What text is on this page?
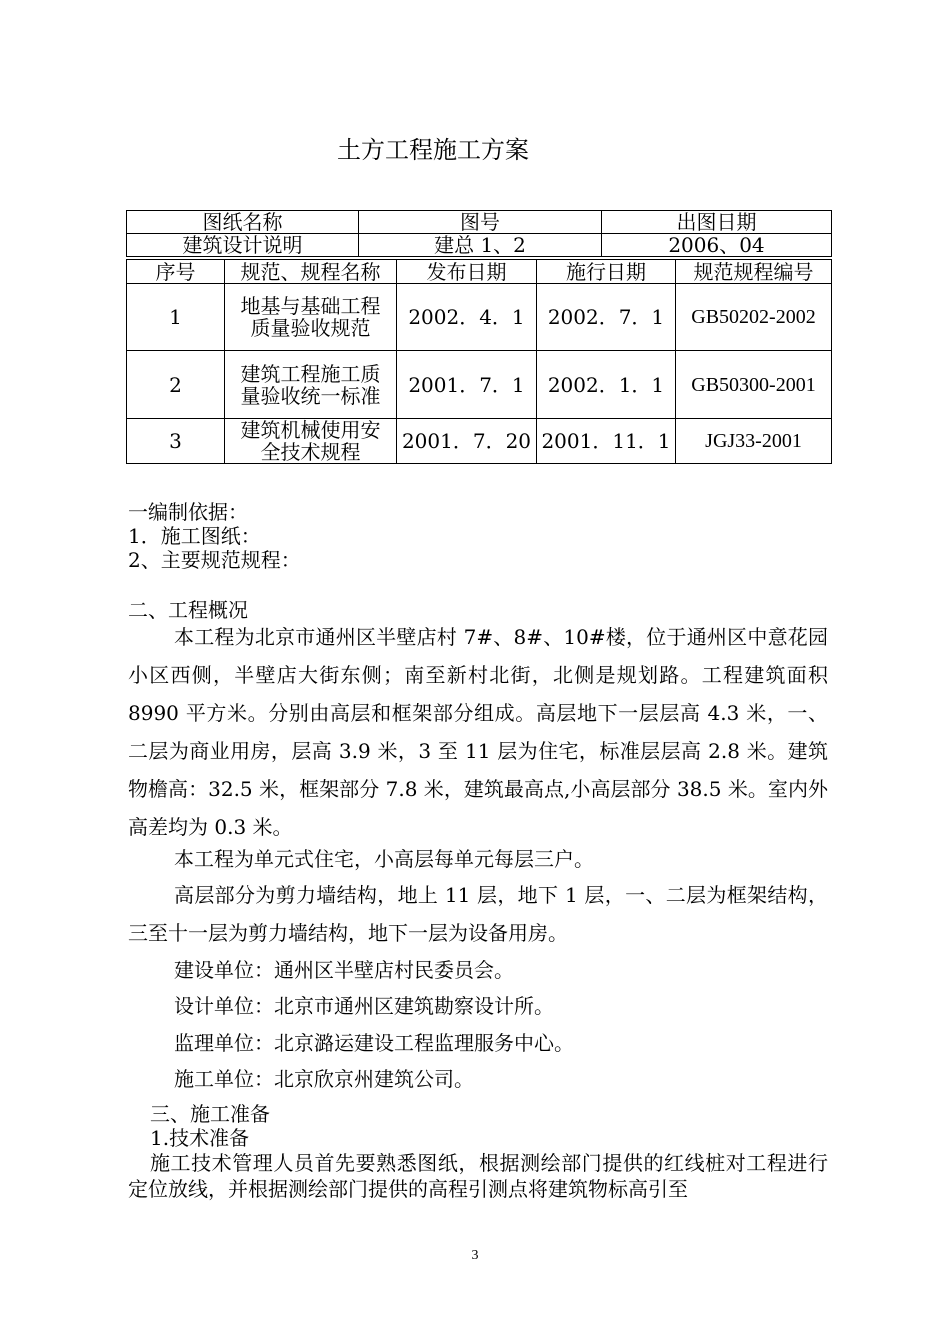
土方工程施工方案
图纸名称	图号	出图日期
建筑设计说明	建总 1、2	2006、04
序号	规范、规程名称	发布日期	施行日期	规范规程编号
1	地基与基础工程质量验收规范	2002．4．1	2002．7．1	GB50202-2002
2	建筑工程施工质量验收统一标准	2001．7．1	2002．1．1	GB50300-2001
3	建筑机械使用安全技术规程	2001．7．20	2001．11．1	JGJ33-2001
一编制依据：
1．施工图纸：
2、主要规范规程：
二、工程概况
本工程为北京市通州区半壁店村 7#、8#、10#楼，位于通州区中意花园小区西侧，半壁店大街东侧；南至新村北街，北侧是规划路。工程建筑面积 8990 平方米。分别由高层和框架部分组成。高层地下一层层高 4.3 米，一、二层为商业用房，层高 3.9 米，3 至 11 层为住宅，标准层层高 2.8 米。建筑物檐高：32.5 米，框架部分 7.8 米，建筑最高点,小高层部分 38.5 米。室内外高差均为 0.3 米。
本工程为单元式住宅，小高层每单元每层三户。
高层部分为剪力墙结构，地上 11 层，地下 1 层，一、二层为框架结构，三至十一层为剪力墙结构，地下一层为设备用房。
建设单位：通州区半壁店村民委员会。
设计单位：北京市通州区建筑勘察设计所。
监理单位：北京潞运建设工程监理服务中心。
施工单位：北京欣京州建筑公司。
三、施工准备
1.技术准备
施工技术管理人员首先要熟悉图纸，根据测绘部门提供的红线桩对工程进行定位放线，并根据测绘部门提供的高程引测点将建筑物标高引至
3
